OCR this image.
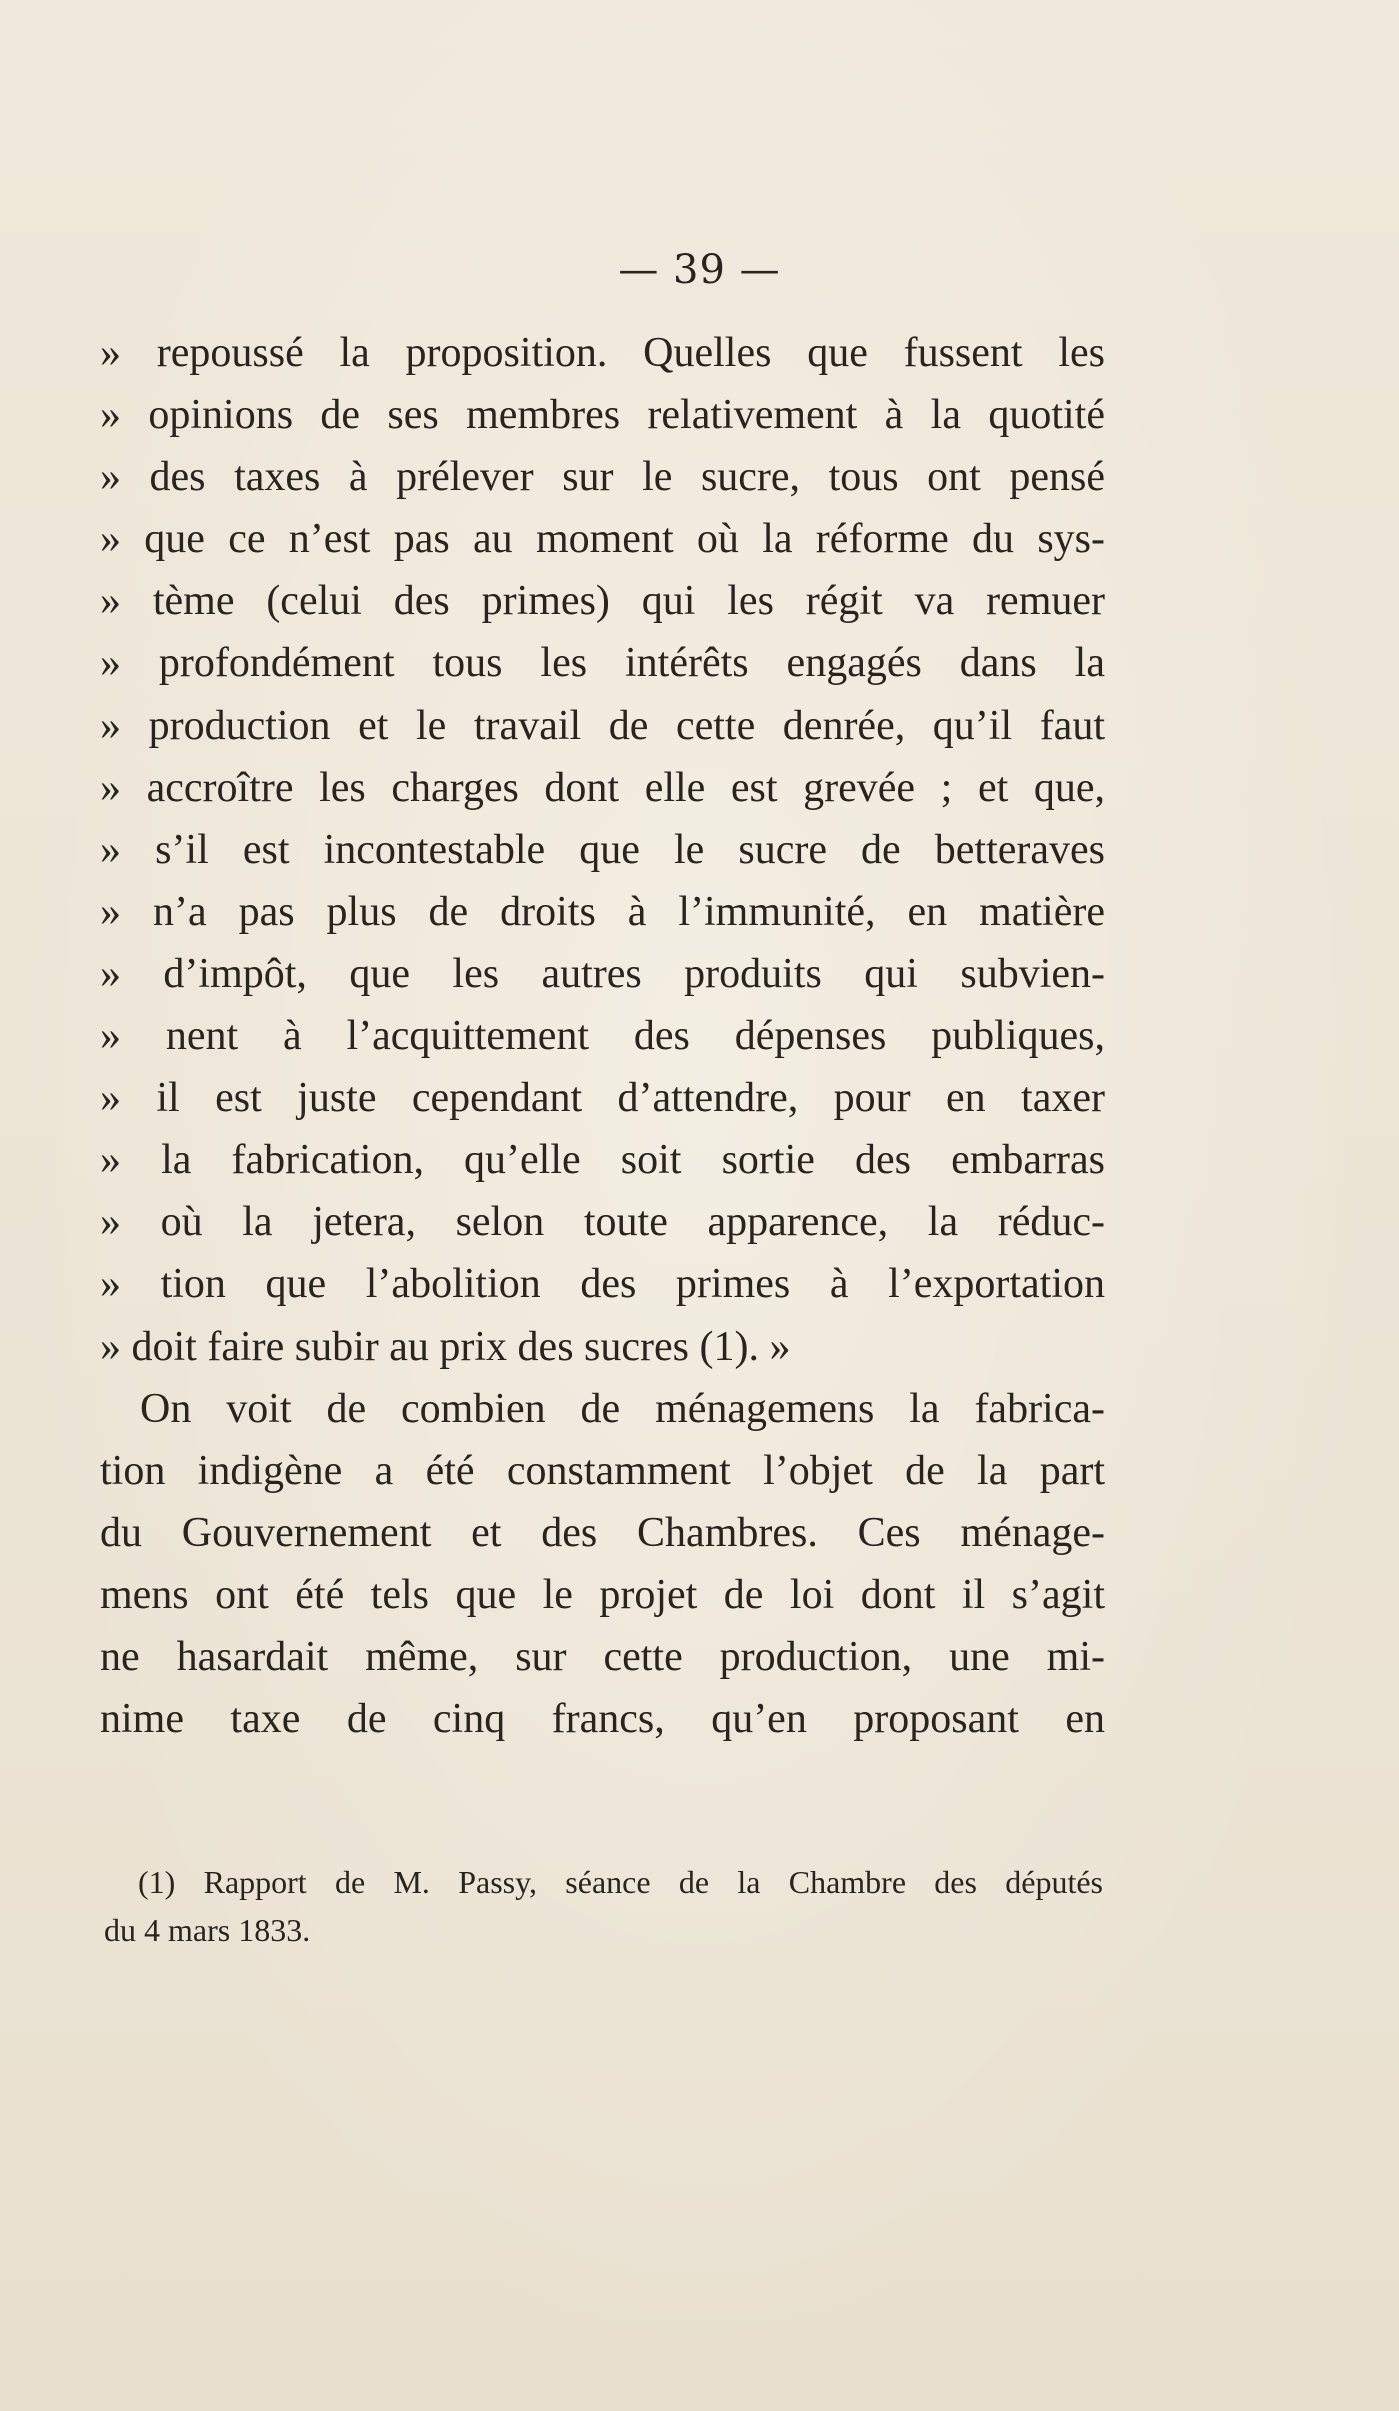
— 39 —
» repoussé la proposition. Quelles que fussent les
» opinions de ses membres relativement à la quotité
» des taxes à prélever sur le sucre, tous ont pensé
» que ce n’est pas au moment où la réforme du sys-
» tème (celui des primes) qui les régit va remuer
» profondément tous les intérêts engagés dans la
» production et le travail de cette denrée, qu’il faut
» accroître les charges dont elle est grevée ; et que,
» s’il est incontestable que le sucre de betteraves
» n’a pas plus de droits à l’immunité, en matière
» d’impôt, que les autres produits qui subvien-
» nent à l’acquittement des dépenses publiques,
» il est juste cependant d’attendre, pour en taxer
» la fabrication, qu’elle soit sortie des embarras
» où la jetera, selon toute apparence, la réduc-
» tion que l’abolition des primes à l’exportation
» doit faire subir au prix des sucres (1). »
On voit de combien de ménagemens la fabrica-
tion indigène a été constamment l’objet de la part
du Gouvernement et des Chambres. Ces ménage-
mens ont été tels que le projet de loi dont il s’agit
ne hasardait même, sur cette production, une mi-
nime taxe de cinq francs, qu’en proposant en
(1) Rapport de M. Passy, séance de la Chambre des députés
du 4 mars 1833.
